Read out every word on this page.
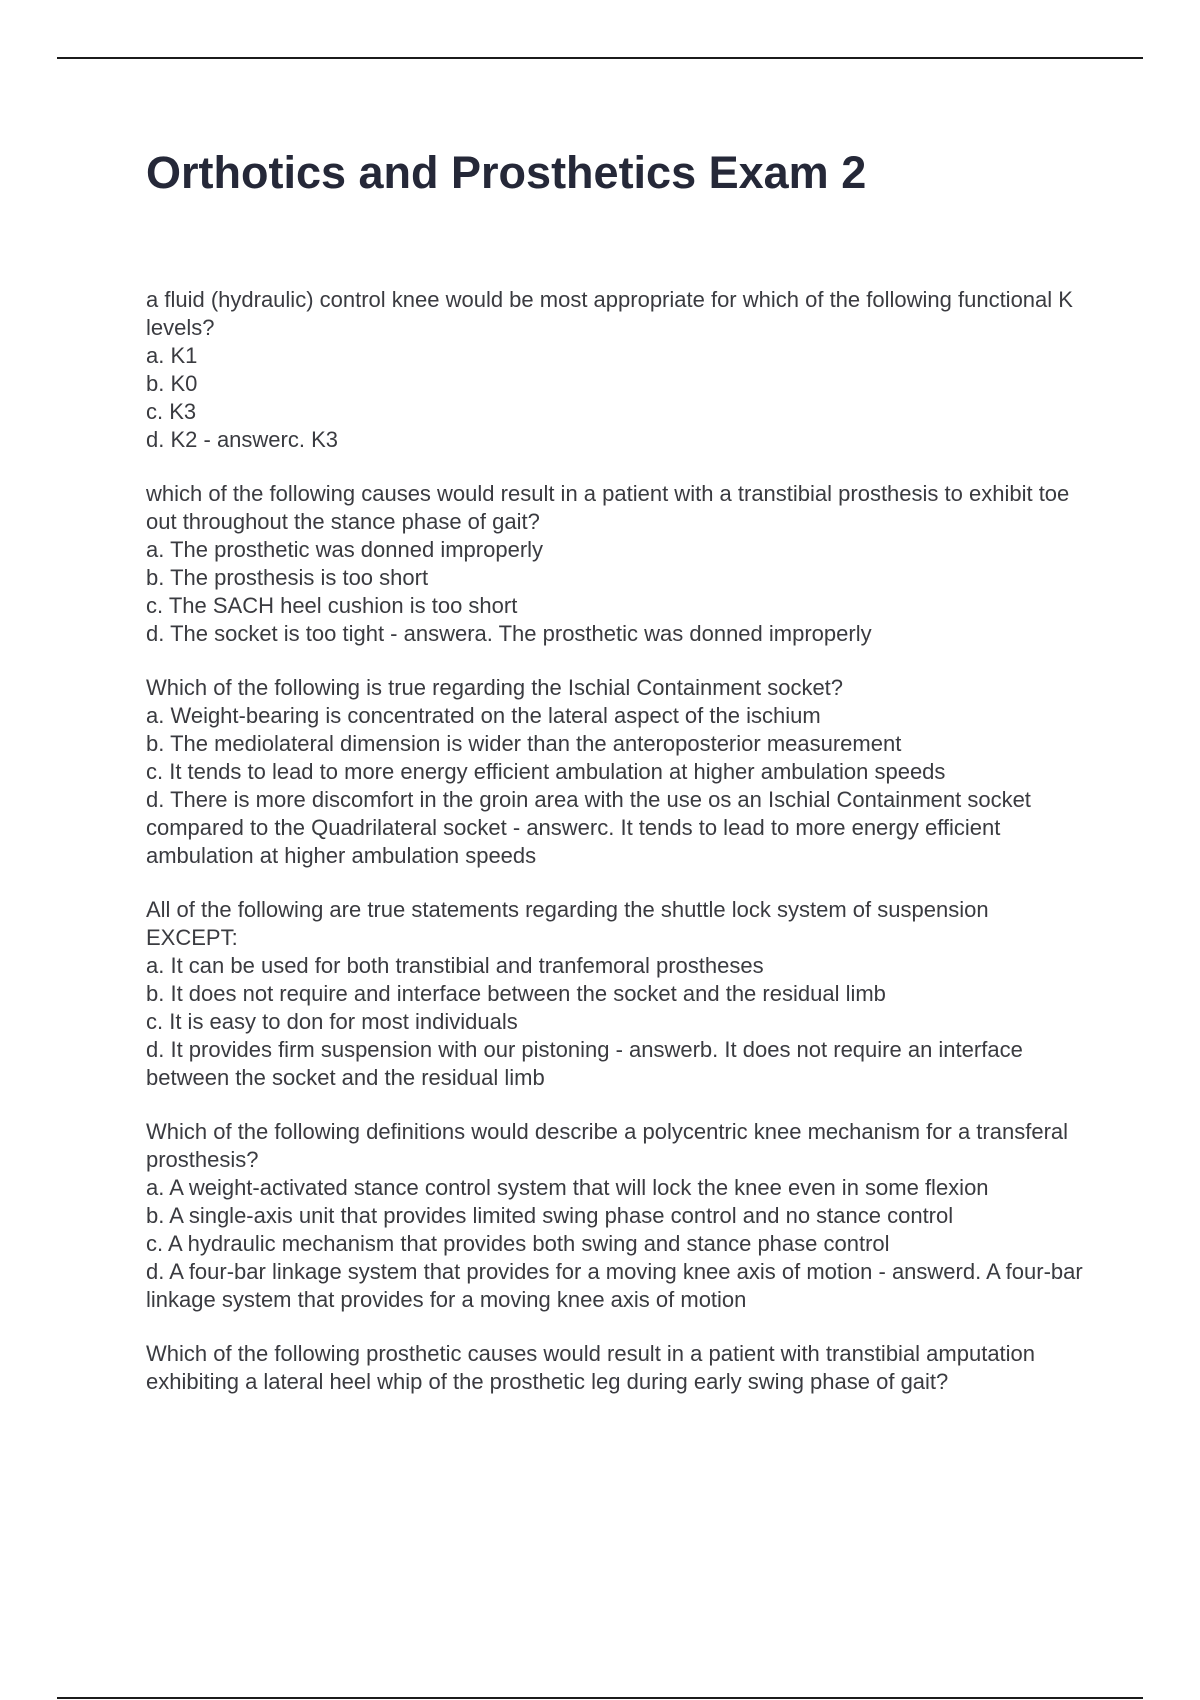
Orthotics and Prosthetics Exam 2
a fluid (hydraulic) control knee would be most appropriate for which of the following functional K levels?
a. K1
b. K0
c. K3
d. K2 - answerc. K3
which of the following causes would result in a patient with a transtibial prosthesis to exhibit toe out throughout the stance phase of gait?
a. The prosthetic was donned improperly
b. The prosthesis is too short
c. The SACH heel cushion is too short
d. The socket is too tight - answera. The prosthetic was donned improperly
Which of the following is true regarding the Ischial Containment socket?
a. Weight-bearing is concentrated on the lateral aspect of the ischium
b. The mediolateral dimension is wider than the anteroposterior measurement
c. It tends to lead to more energy efficient ambulation at higher ambulation speeds
d. There is more discomfort in the groin area with the use os an Ischial Containment socket compared to the Quadrilateral socket - answerc. It tends to lead to more energy efficient ambulation at higher ambulation speeds
All of the following are true statements regarding the shuttle lock system of suspension EXCEPT:
a. It can be used for both transtibial and tranfemoral prostheses
b. It does not require and interface between the socket and the residual limb
c. It is easy to don for most individuals
d. It provides firm suspension with our pistoning - answerb. It does not require an interface between the socket and the residual limb
Which of the following definitions would describe a polycentric knee mechanism for a transferal prosthesis?
a. A weight-activated stance control system that will lock the knee even in some flexion
b. A single-axis unit that provides limited swing phase control and no stance control
c. A hydraulic mechanism that provides both swing and stance phase control
d. A four-bar linkage system that provides for a moving knee axis of motion - answerd. A four-bar linkage system that provides for a moving knee axis of motion
Which of the following prosthetic causes would result in a patient with transtibial amputation exhibiting a lateral heel whip of the prosthetic leg during early swing phase of gait?
